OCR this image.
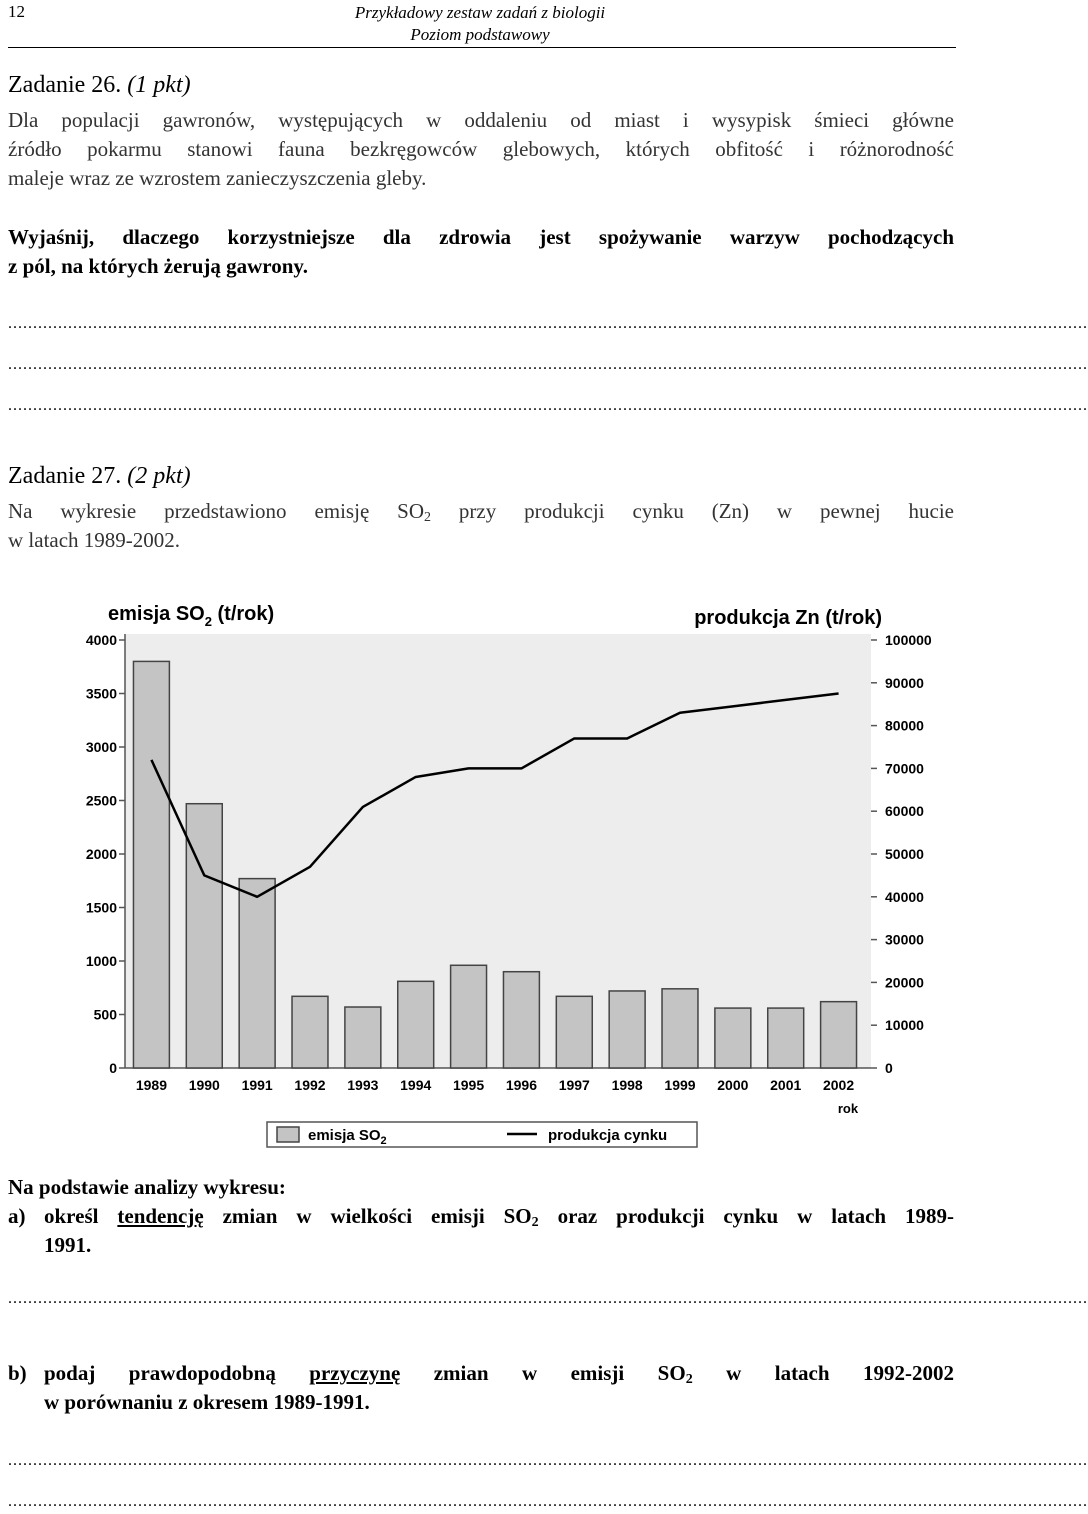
12	Przykładowy zestaw zadań z biologii
Poziom podstawowy
Zadanie 26. (1 pkt)
Dla populacji gawronów, występujących w oddaleniu od miast i wysypisk śmieci główne
źródło pokarmu stanowi fauna bezkręgowców glebowych, których obfitość i różnorodność
maleje wraz ze wzrostem zanieczyszczenia gleby.
Wyjaśnij, dlaczego korzystniejsze dla zdrowia jest spożywanie warzyw pochodzących
z pól, na których żerują gawrony.
........................................................................................................................................................................................................................
........................................................................................................................................................................................................................
........................................................................................................................................................................................................................
Zadanie 27. (2 pkt)
Na wykresie przedstawiono emisję $SO_2$ przy produkcji cynku (Zn) w pewnej hucie
w latach 1989-2002.
emisja $SO_2$ (t/rok)	produkcja Zn (t/rok)
0
500
1000
1500
2000
2500
3000
3500
4000
0
10000
20000
30000
40000
50000
60000
70000
80000
90000
100000
1989 1990 1991 1992 1993 1994 1995 1996 1997 1998 1999 2000 2001 2002
rok
emisja $SO_2$	produkcja cynku
Na podstawie analizy wykresu:
a) określ tendencję zmian w wielkości emisji $SO_2$ oraz produkcji cynku w latach 1989-
1991.
........................................................................................................................................................................................................................
b) podaj prawdopodobną przyczynę zmian w emisji $SO_2$ w latach 1992-2002
w porównaniu z okresem 1989-1991.
........................................................................................................................................................................................................................
........................................................................................................................................................................................................................
